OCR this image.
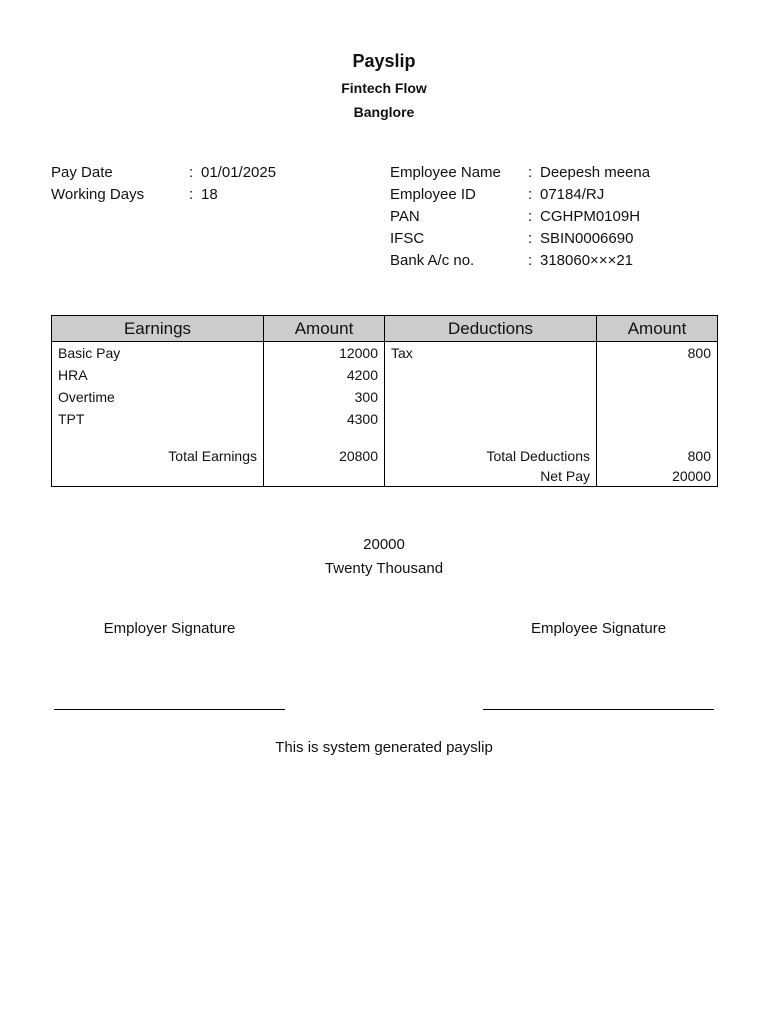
Payslip
Fintech Flow
Banglore
Pay Date	: 01/01/2025
Working Days	: 18
Employee Name : Deepesh meena
Employee ID	: 07184/RJ
PAN	: CGHPM0109H
IFSC	: SBIN0006690
Bank A/c no.	: 318060×××21
Earnings	Amount	Deductions	Amount
Basic Pay	12000	Tax	800
HRA	4200		
Overtime	300		
TPT	4300		

Total Earnings	20800	Total Deductions	800
		Net Pay	20000
20000
Twenty Thousand
Employer Signature	Employee Signature
This is system generated payslip
